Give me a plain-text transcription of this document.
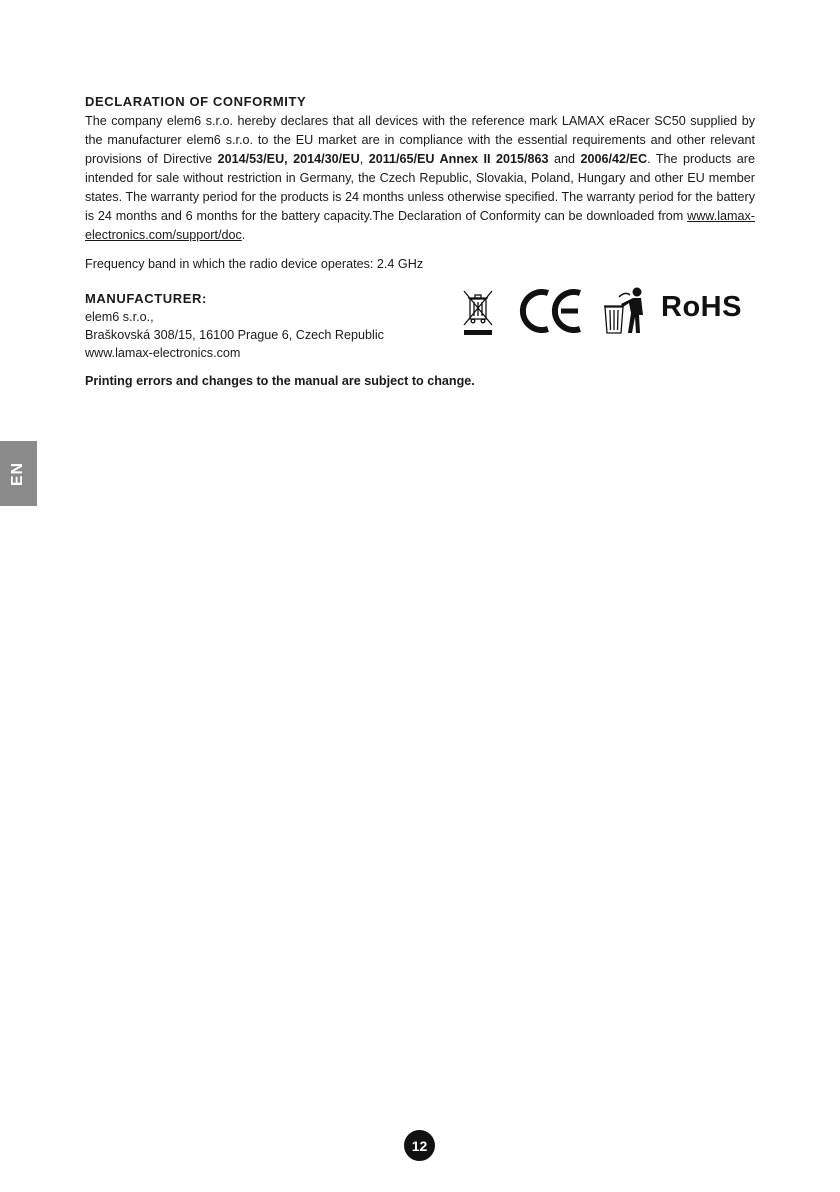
EN
DECLARATION OF CONFORMITY

The company elem6 s.r.o. hereby declares that all devices with the reference mark LAMAX eRacer SC50 supplied by the manufacturer elem6 s.r.o. to the EU market are in compliance with the essential requirements and other relevant provisions of Directive 2014/53/EU, 2014/30/EU, 2011/65/EU Annex II 2015/863 and 2006/42/EC. The products are intended for sale without restriction in Germany, the Czech Republic, Slovakia, Poland, Hungary and other EU member states. The warranty period for the products is 24 months unless otherwise specified. The warranty period for the battery is 24 months and 6 months for the battery capacity.The Declaration of Conformity can be downloaded from www.lamax-electronics.com/support/doc.

Frequency band in which the radio device operates: 2.4 GHz

MANUFACTURER:
elem6 s.r.o.,
Braškovská 308/15, 16100 Prague 6, Czech Republic
www.lamax-electronics.com
RoHS

Printing errors and changes to the manual are subject to change.

12
